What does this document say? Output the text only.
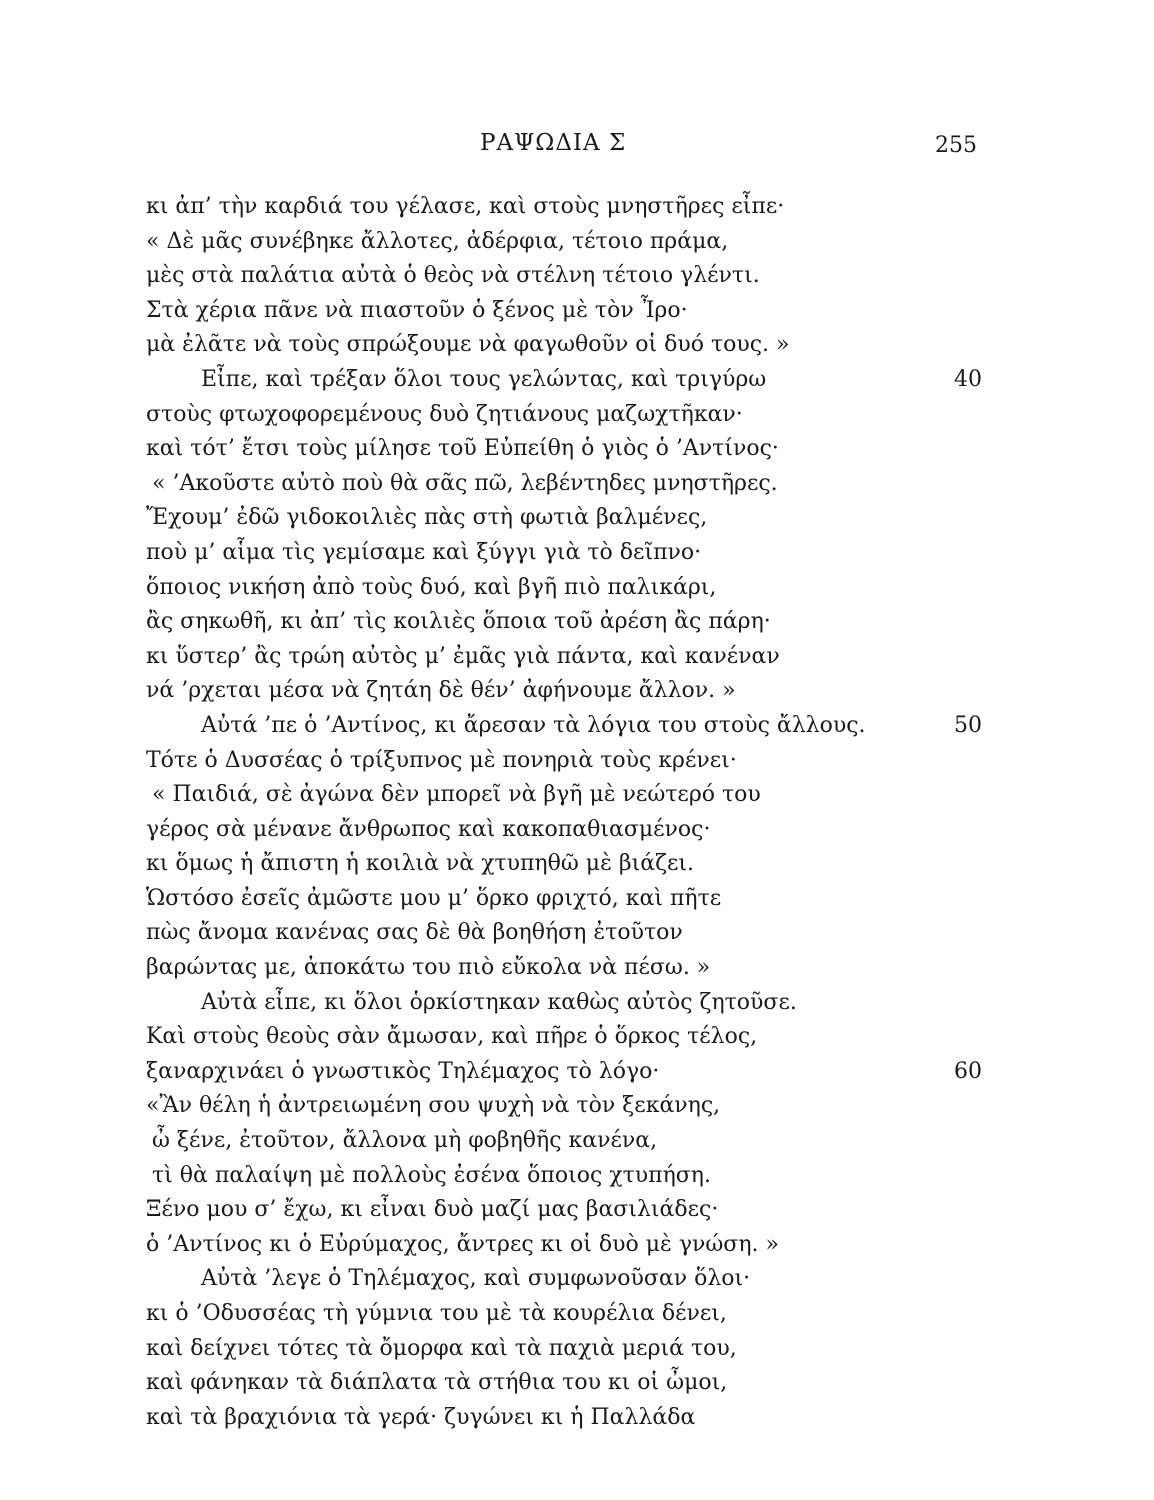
ΡΑΨΩΔΙΑ Σ	255
κι ἀπ’ τὴν καρδιά του γέλασε, καὶ στοὺς μνηστῆρες εἶπε·
« Δὲ μᾶς συνέβηκε ἄλλοτες, ἀδέρφια, τέτοιο πράμα,
μὲς στὰ παλάτια αὐτὰ ὁ θεὸς νὰ στέλνη τέτοιο γλέντι.
Στὰ χέρια πᾶνε νὰ πιαστοῦν ὁ ξένος μὲ τὸν Ἶρο·
μὰ ἐλᾶτε νὰ τοὺς σπρώξουμε νὰ φαγωθοῦν οἱ δυό τους. »
Εἶπε, καὶ τρέξαν ὅλοι τους γελώντας, καὶ τριγύρω	40
στοὺς φτωχοφορεμένους δυὸ ζητιάνους μαζωχτῆκαν·
καὶ τότ’ ἔτσι τοὺς μίλησε τοῦ Εὐπείθη ὁ γιὸς ὁ ’Αντίνος·
« ’Ακοῦστε αὐτὸ ποὺ θὰ σᾶς πῶ, λεβέντηδες μνηστῆρες.
Ἔχουμ’ ἐδῶ γιδοκοιλιὲς πὰς στὴ φωτιὰ βαλμένες,
ποὺ μ’ αἷμα τὶς γεμίσαμε καὶ ξύγγι γιὰ τὸ δεῖπνο·
ὅποιος νικήση ἀπὸ τοὺς δυό, καὶ βγῆ πιὸ παλικάρι,
ἂς σηκωθῆ, κι ἀπ’ τὶς κοιλιὲς ὅποια τοῦ ἀρέση ἂς πάρη·
κι ὕστερ’ ἂς τρώη αὐτὸς μ’ ἐμᾶς γιὰ πάντα, καὶ κανέναν
νά ’ρχεται μέσα νὰ ζητάη δὲ θέν’ ἀφήνουμε ἄλλον. »
Αὐτά ’πε ὁ ’Αντίνος, κι ἄρεσαν τὰ λόγια του στοὺς ἄλλους.	50
Τότε ὁ Δυσσέας ὁ τρίξυπνος μὲ πονηριὰ τοὺς κρένει·
« Παιδιά, σὲ ἀγώνα δὲν μπορεῖ νὰ βγῆ μὲ νεώτερό του
γέρος σὰ μένανε ἄνθρωπος καὶ κακοπαθιασμένος·
κι ὅμως ἡ ἄπιστη ἡ κοιλιὰ νὰ χτυπηθῶ μὲ βιάζει.
Ὡστόσο ἐσεῖς ἀμῶστε μου μ’ ὅρκο φριχτό, καὶ πῆτε
πὼς ἄνομα κανένας σας δὲ θὰ βοηθήση ἐτοῦτον
βαρώντας με, ἀποκάτω του πιὸ εὔκολα νὰ πέσω. »
Αὐτὰ εἶπε, κι ὅλοι ὁρκίστηκαν καθὼς αὐτὸς ζητοῦσε.
Καὶ στοὺς θεοὺς σὰν ἄμωσαν, καὶ πῆρε ὁ ὅρκος τέλος,
ξαναρχινάει ὁ γνωστικὸς Τηλέμαχος τὸ λόγο·	60
«Ἂν θέλη ἡ ἀντρειωμένη σου ψυχὴ νὰ τὸν ξεκάνης,
ὦ ξένε, ἐτοῦτον, ἄλλονα μὴ φοβηθῆς κανένα,
τὶ θὰ παλαίψη μὲ πολλοὺς ἐσένα ὅποιος χτυπήση.
Ξένο μου σ’ ἔχω, κι εἶναι δυὸ μαζί μας βασιλιάδες·
ὁ ’Αντίνος κι ὁ Εὐρύμαχος, ἄντρες κι οἱ δυὸ μὲ γνώση. »
Αὐτὰ ’λεγε ὁ Τηλέμαχος, καὶ συμφωνοῦσαν ὅλοι·
κι ὁ ’Οδυσσέας τὴ γύμνια του μὲ τὰ κουρέλια δένει,
καὶ δείχνει τότες τὰ ὄμορφα καὶ τὰ παχιὰ μεριά του,
καὶ φάνηκαν τὰ διάπλατα τὰ στήθια του κι οἱ ὦμοι,
καὶ τὰ βραχιόνια τὰ γερά· ζυγώνει κι ἡ Παλλάδα
